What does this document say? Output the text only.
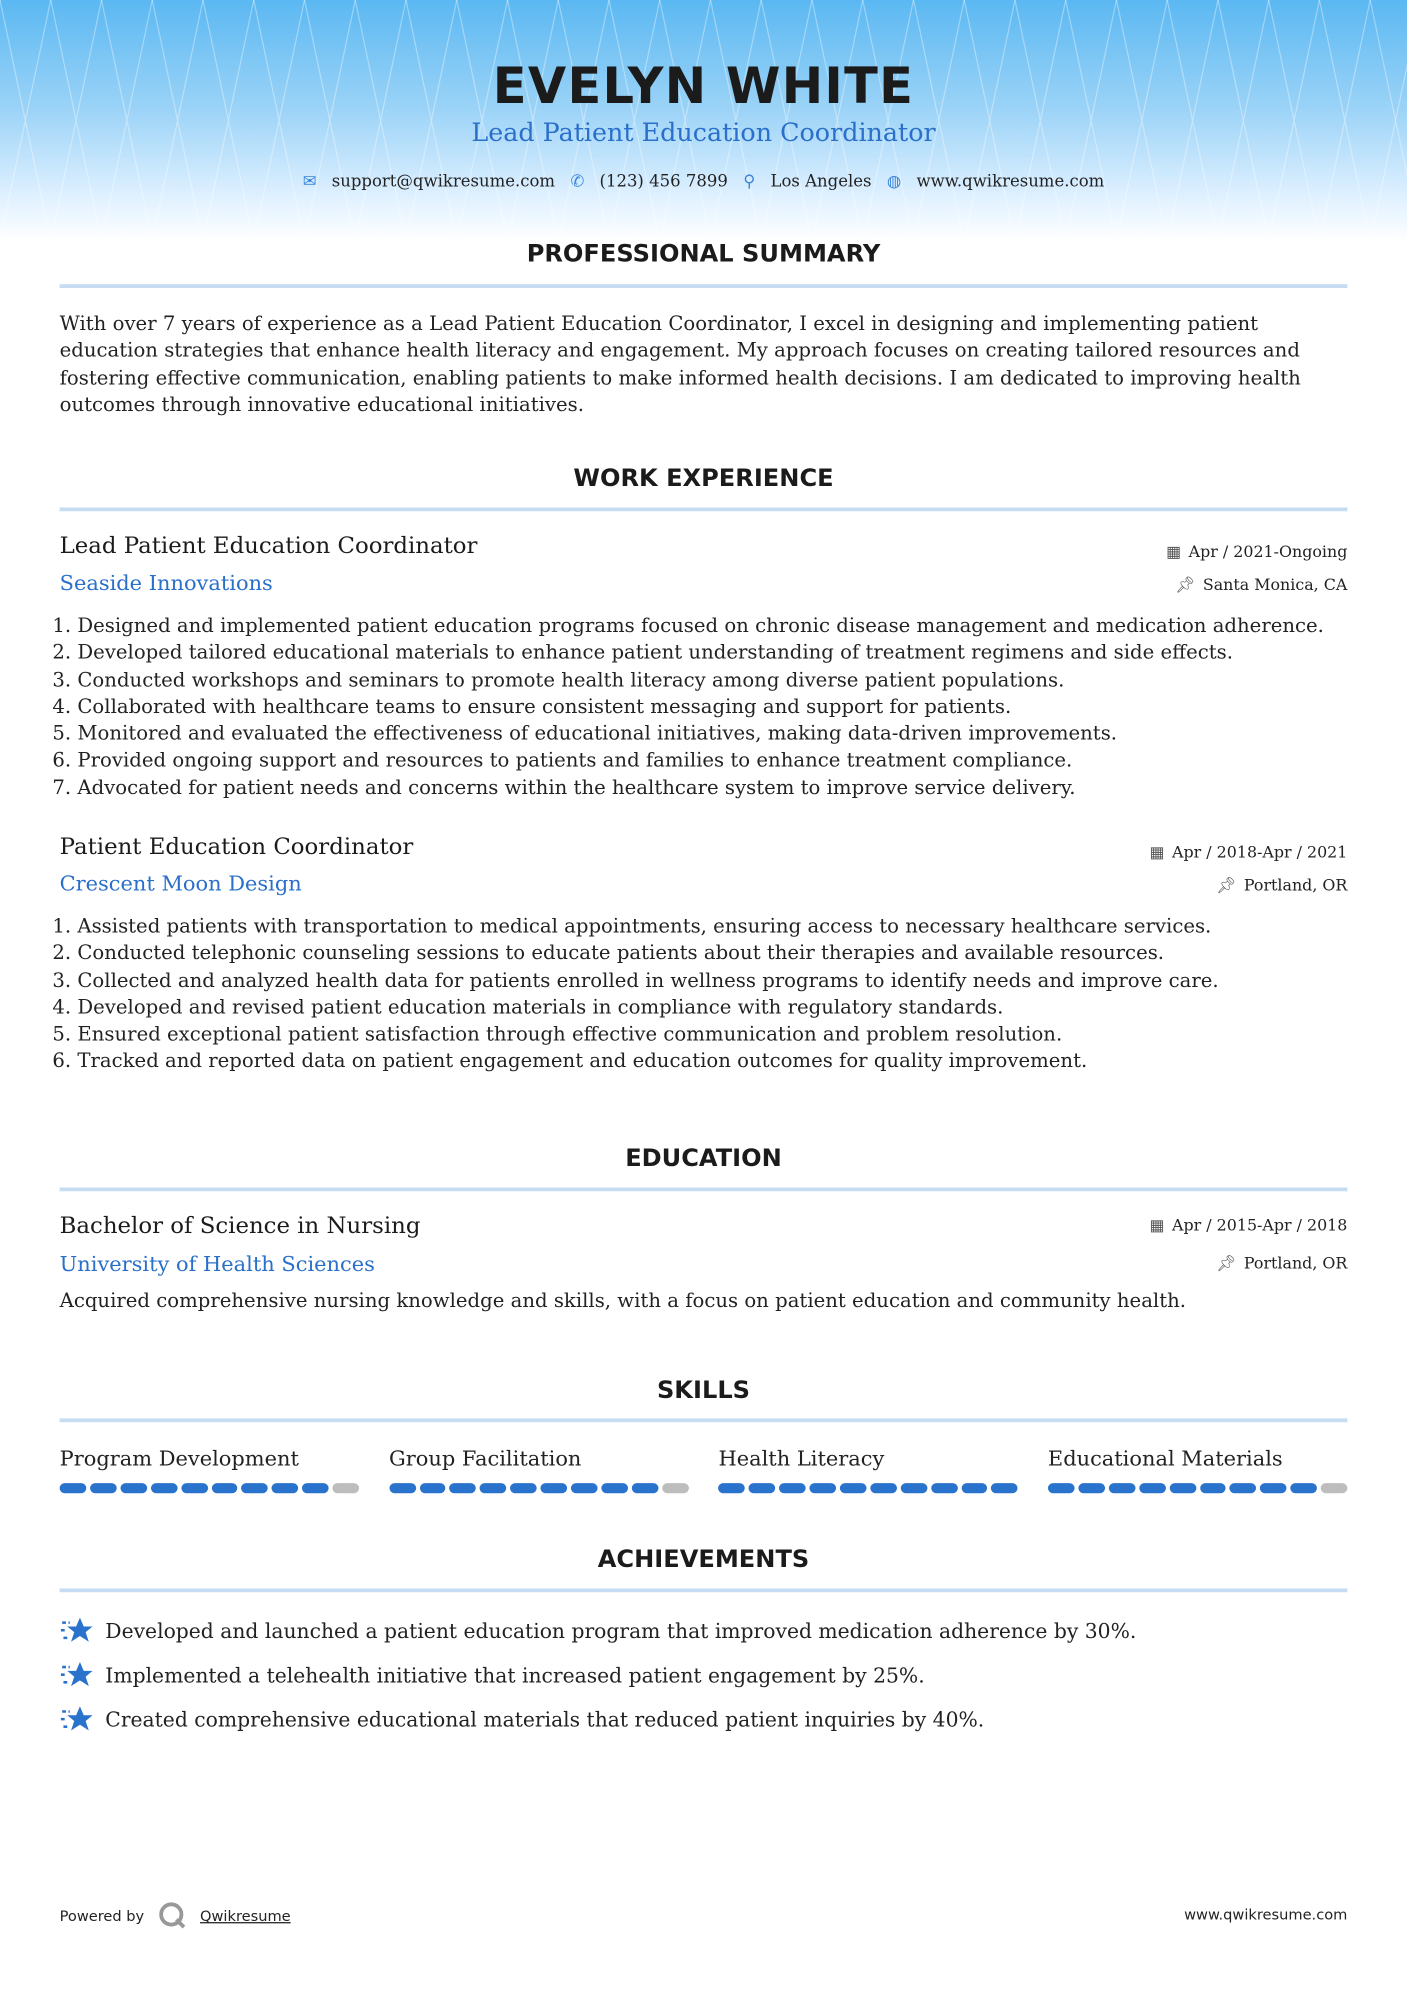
EVELYN WHITE
Lead Patient Education Coordinator
✉ support@qwikresume.com ✆ (123) 456 7899 ⚲ Los Angeles ◍ www.qwikresume.com
PROFESSIONAL SUMMARY
With over 7 years of experience as a Lead Patient Education Coordinator, I excel in designing and implementing patient education strategies that enhance health literacy and engagement. My approach focuses on creating tailored resources and fostering effective communication, enabling patients to make informed health decisions. I am dedicated to improving health outcomes through innovative educational initiatives.
WORK EXPERIENCE
Lead Patient Education Coordinator
Seaside Innovations
▦ Apr / 2021-Ongoing
📌︎ Santa Monica, CA
1. Designed and implemented patient education programs focused on chronic disease management and medication adherence.
2. Developed tailored educational materials to enhance patient understanding of treatment regimens and side effects.
3. Conducted workshops and seminars to promote health literacy among diverse patient populations.
4. Collaborated with healthcare teams to ensure consistent messaging and support for patients.
5. Monitored and evaluated the effectiveness of educational initiatives, making data-driven improvements.
6. Provided ongoing support and resources to patients and families to enhance treatment compliance.
7. Advocated for patient needs and concerns within the healthcare system to improve service delivery.
Patient Education Coordinator
Crescent Moon Design
▦ Apr / 2018-Apr / 2021
📌︎ Portland, OR
1. Assisted patients with transportation to medical appointments, ensuring access to necessary healthcare services.
2. Conducted telephonic counseling sessions to educate patients about their therapies and available resources.
3. Collected and analyzed health data for patients enrolled in wellness programs to identify needs and improve care.
4. Developed and revised patient education materials in compliance with regulatory standards.
5. Ensured exceptional patient satisfaction through effective communication and problem resolution.
6. Tracked and reported data on patient engagement and education outcomes for quality improvement.
EDUCATION
Bachelor of Science in Nursing
University of Health Sciences
▦ Apr / 2015-Apr / 2018
📌︎ Portland, OR
Acquired comprehensive nursing knowledge and skills, with a focus on patient education and community health.
SKILLS
Program Development	Group Facilitation	Health Literacy	Educational Materials
ACHIEVEMENTS
Developed and launched a patient education program that improved medication adherence by 30%.
Implemented a telehealth initiative that increased patient engagement by 25%.
Created comprehensive educational materials that reduced patient inquiries by 40%.
Powered by	Qwikresume	www.qwikresume.com
